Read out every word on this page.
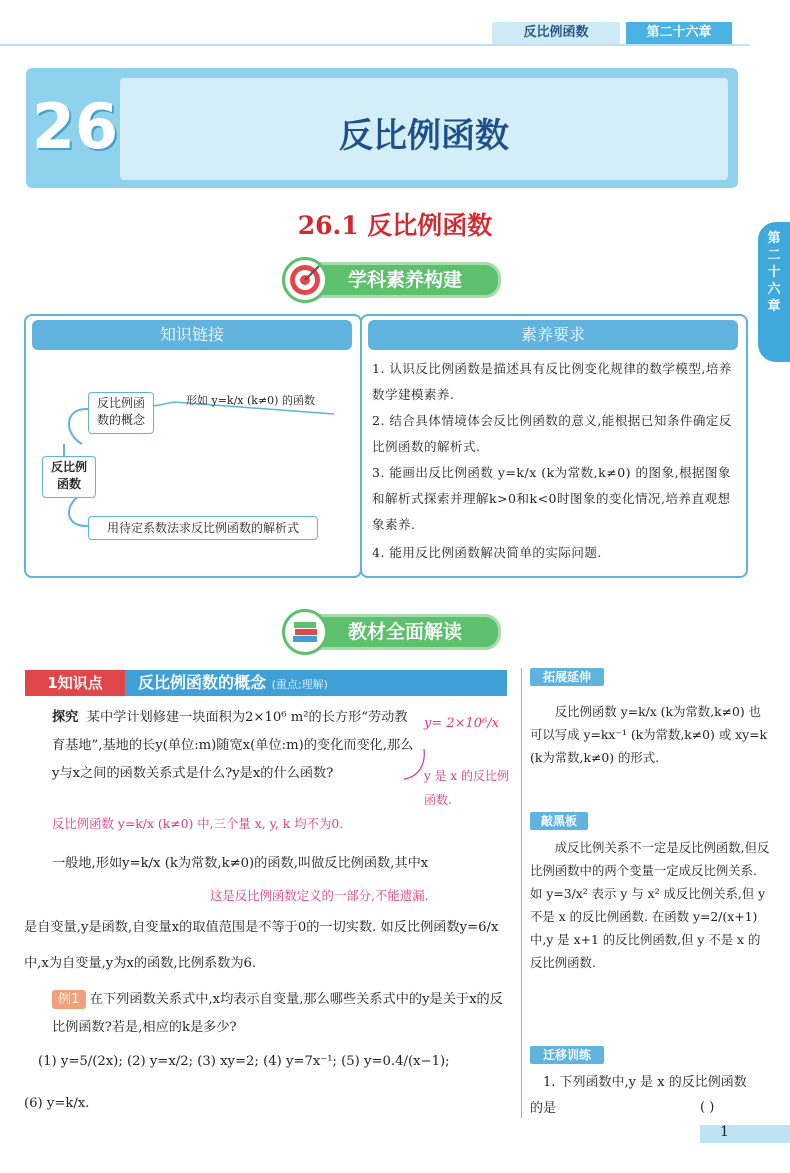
反比例函数	第二十六章
第
二
十
六
章
26	反比例函数
26.1 反比例函数
学科素养构建
知识链接
反比例函
数的概念
反比例
函数
用待定系数法求反比例函数的解析式
形如 y=k/x (k≠0) 的函数
素养要求
1. 认识反比例函数是描述具有反比例变化规律的数学模型,培养数学建模素养.
2. 结合具体情境体会反比例函数的意义,能根据已知条件确定反比例函数的解析式.
3. 能画出反比例函数 y=k/x (k为常数,k≠0) 的图象,根据图象和解析式探索并理解k>0和k<0时图象的变化情况,培养直观想象素养.
4. 能用反比例函数解决简单的实际问题.
教材全面解读
1知识点	反比例函数的概念 (重点;理解)
探究 某中学计划修建一块面积为2×10⁶ m²的长方形“劳动教育基地”,基地的长y(单位:m)随宽x(单位:m)的变化而变化,那么y与x之间的函数关系式是什么?y是x的什么函数?
y= 2×10⁶/x
y 是 x 的反比例函数.
反比例函数 y=k/x (k≠0) 中,三个量 x, y, k 均不为0.
一般地,形如y=k/x (k为常数,k≠0)的函数,叫做反比例函数,其中x
这是反比例函数定义的一部分,不能遗漏.
是自变量,y是函数,自变量x的取值范围是不等于0的一切实数. 如反比例函数y=6/x中,x为自变量,y为x的函数,比例系数为6.
例1 在下列函数关系式中,x均表示自变量,那么哪些关系式中的y是关于x的反比例函数?若是,相应的k是多少?
(1) y=5/(2x); (2) y=x/2; (3) xy=2; (4) y=7x⁻¹; (5) y=0.4/(x−1);
(6) y=k/x.
拓展延伸
反比例函数 y=k/x (k为常数,k≠0) 也可以写成 y=kx⁻¹ (k为常数,k≠0) 或 xy=k (k为常数,k≠0) 的形式.
敲黑板
成反比例关系不一定是反比例函数,但反比例函数中的两个变量一定成反比例关系. 如 y=3/x² 表示 y 与 x² 成反比例关系,但 y 不是 x 的反比例函数. 在函数 y=2/(x+1) 中,y 是 x+1 的反比例函数,但 y 不是 x 的反比例函数.
迁移训练
1. 下列函数中,y 是 x 的反比例函数的是	( )
1
